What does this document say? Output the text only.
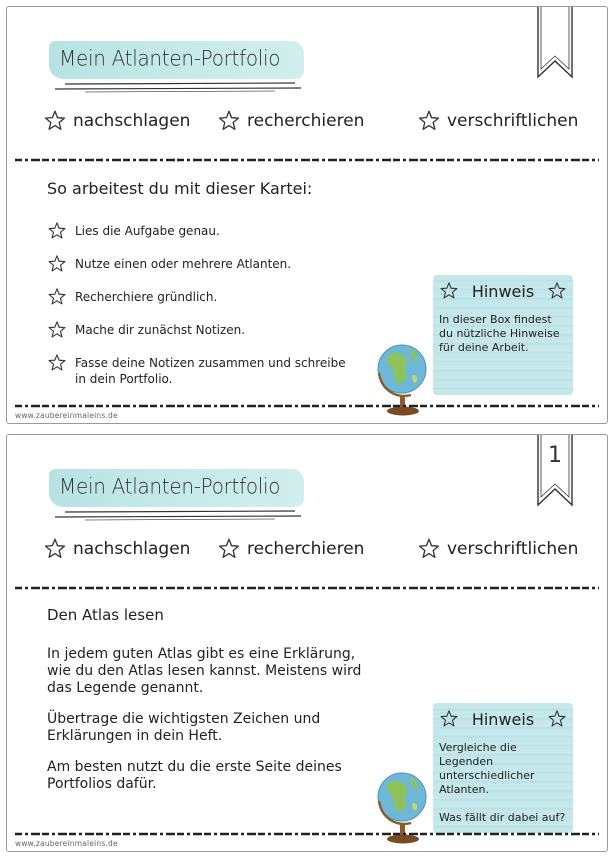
Mein Atlanten-Portfolio
nachschlagen	recherchieren	verschriftlichen
So arbeitest du mit dieser Kartei:
Lies die Aufgabe genau.
Nutze einen oder mehrere Atlanten.
Recherchiere gründlich.
Mache dir zunächst Notizen.
Fasse deine Notizen zusammen und schreibe in dein Portfolio.
Hinweis
In dieser Box findest du nützliche Hinweise für deine Arbeit.
www.zaubereinmaleins.de
1
Mein Atlanten-Portfolio
nachschlagen	recherchieren	verschriftlichen
Den Atlas lesen

In jedem guten Atlas gibt es eine Erklärung, wie du den Atlas lesen kannst. Meistens wird das Legende genannt.

Übertrage die wichtigsten Zeichen und Erklärungen in dein Heft.

Am besten nutzt du die erste Seite deines Portfolios dafür.

Hinweis
Vergleiche die Legenden unterschiedlicher Atlanten.
Was fällt dir dabei auf?
www.zaubereinmaleins.de
